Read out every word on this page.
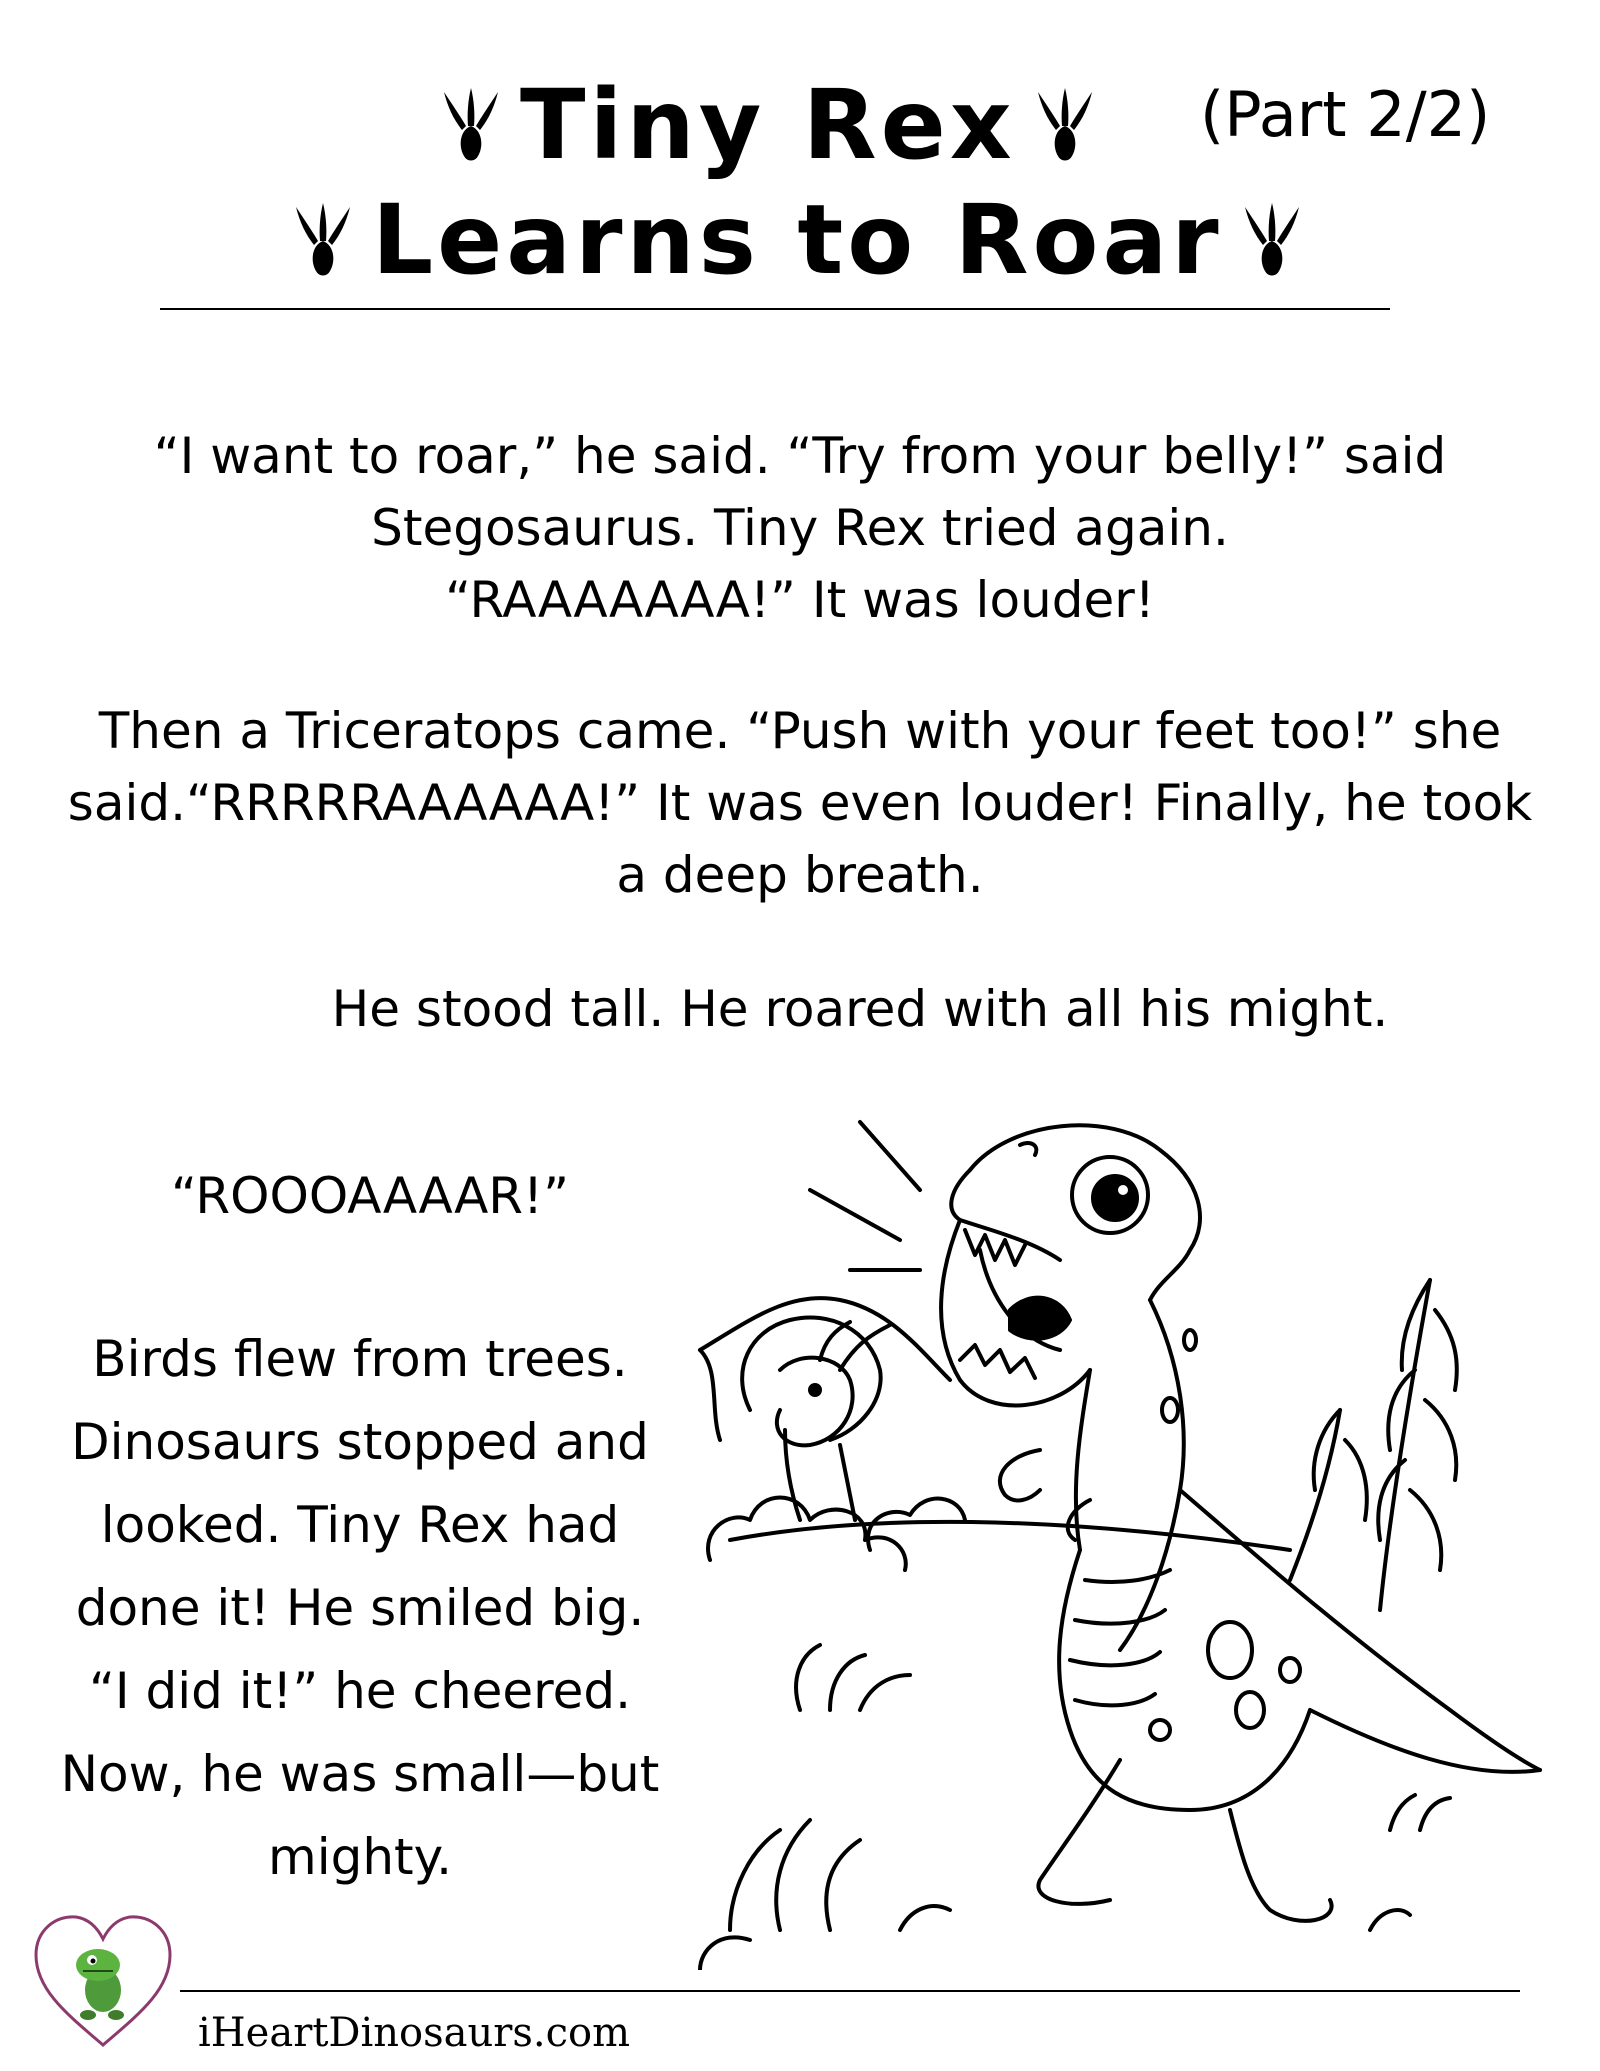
Tiny Rex
Learns to Roar
(Part 2/2)
“I want to roar,” he said. “Try from your belly!” said
Stegosaurus. Tiny Rex tried again.
“RAAAAAAA!” It was louder!
Then a Triceratops came. “Push with your feet too!” she
said.“RRRRRAAAAAA!” It was even louder! Finally, he took
a deep breath.
He stood tall. He roared with all his might.
“ROOOAAAAR!”
Birds flew from trees.
Dinosaurs stopped and
looked. Tiny Rex had
done it! He smiled big.
“I did it!” he cheered.
Now, he was small—but
mighty.
iHeartDinosaurs.com
